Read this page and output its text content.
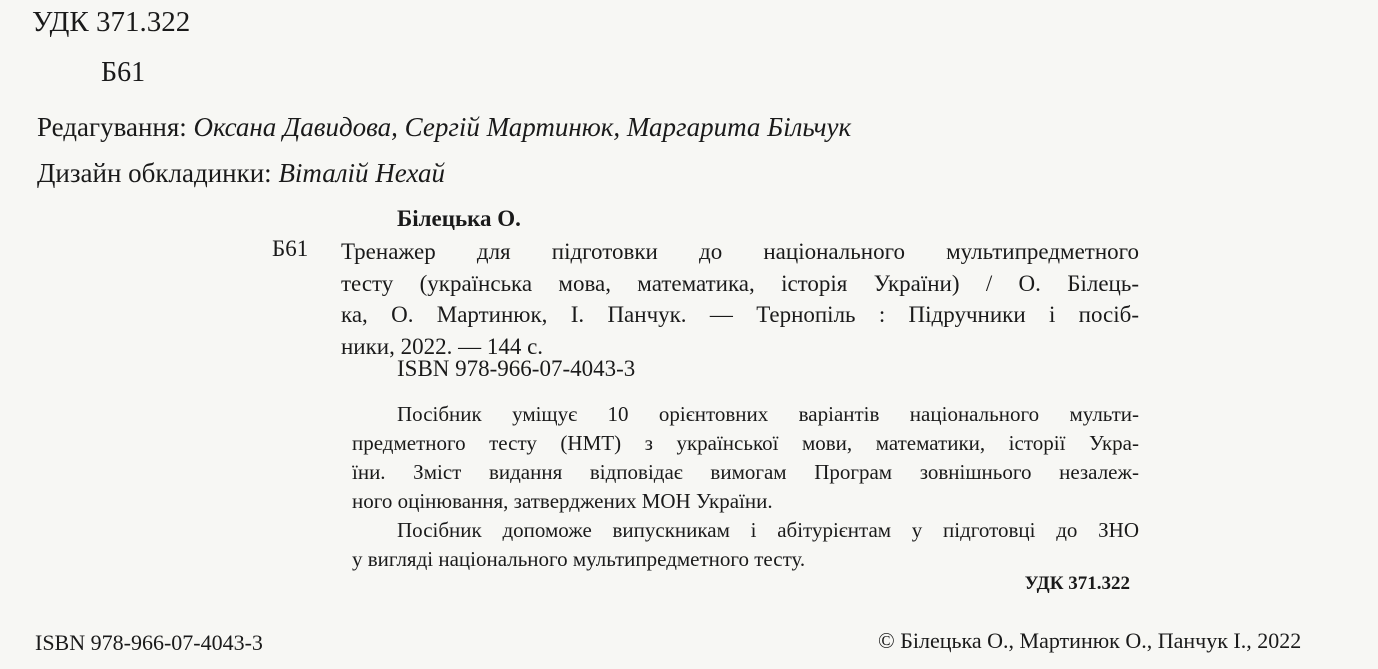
УДК 371.322
Б61
Редагування: Оксана Давидова, Сергій Мартинюк, Маргарита Більчук
Дизайн обкладинки: Віталій Нехай
Білецька О.
Б61 Тренажер для підготовки до національного мультипредметного
тесту (українська мова, математика, історія України) / О. Білець-
ка, О. Мартинюк, І. Панчук. — Тернопіль : Підручники і посіб-
ники, 2022. — 144 с.
ISBN 978-966-07-4043-3
Посібник уміщує 10 орієнтовних варіантів національного мульти-
предметного тесту (НМТ) з української мови, математики, історії Укра-
їни. Зміст видання відповідає вимогам Програм зовнішнього незалеж-
ного оцінювання, затверджених МОН України.
Посібник допоможе випускникам і абітурієнтам у підготовці до ЗНО
у вигляді національного мультипредметного тесту.
УДК 371.322
ISBN 978-966-07-4043-3	© Білецька О., Мартинюк О., Панчук І., 2022
